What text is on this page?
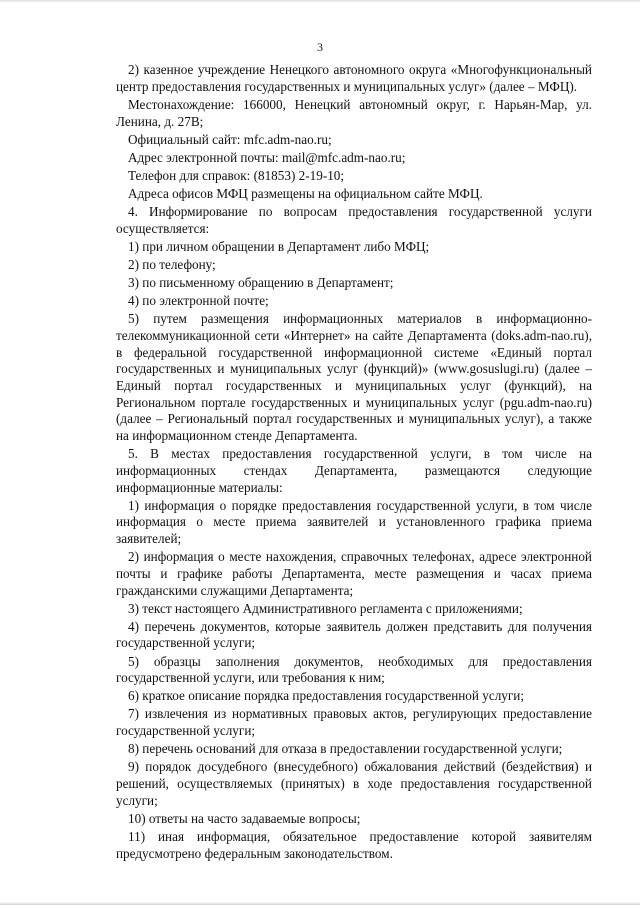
3

2) казенное учреждение Ненецкого автономного округа «Многофункциональный центр предоставления государственных и муниципальных услуг» (далее – МФЦ).

Местонахождение: 166000, Ненецкий автономный округ, г. Нарьян-Мар, ул. Ленина, д. 27В;

Официальный сайт: mfc.adm-nao.ru;

Адрес электронной почты: mail@mfc.adm-nao.ru;

Телефон для справок: (81853) 2-19-10;

Адреса офисов МФЦ размещены на официальном сайте МФЦ.

4. Информирование по вопросам предоставления государственной услуги осуществляется:

1) при личном обращении в Департамент либо МФЦ;

2) по телефону;

3) по письменному обращению в Департамент;

4) по электронной почте;

5) путем размещения информационных материалов в информационно-телекоммуникационной сети «Интернет» на сайте Департамента (doks.adm-nao.ru), в федеральной государственной информационной системе «Единый портал государственных и муниципальных услуг (функций)» (www.gosuslugi.ru) (далее – Единый портал государственных и муниципальных услуг (функций), на Региональном портале государственных и муниципальных услуг (pgu.adm-nao.ru) (далее – Региональный портал государственных и муниципальных услуг), а также на информационном стенде Департамента.

5. В местах предоставления государственной услуги, в том числе на информационных стендах Департамента, размещаются следующие информационные материалы:

1) информация о порядке предоставления государственной услуги, в том числе информация о месте приема заявителей и установленного графика приема заявителей;

2) информация о месте нахождения, справочных телефонах, адресе электронной почты и графике работы Департамента, месте размещения и часах приема гражданскими служащими Департамента;

3) текст настоящего Административного регламента с приложениями;

4) перечень документов, которые заявитель должен представить для получения государственной услуги;

5) образцы заполнения документов, необходимых для предоставления государственной услуги, или требования к ним;

6) краткое описание порядка предоставления государственной услуги;

7) извлечения из нормативных правовых актов, регулирующих предоставление государственной услуги;

8) перечень оснований для отказа в предоставлении государственной услуги;

9) порядок досудебного (внесудебного) обжалования действий (бездействия) и решений, осуществляемых (принятых) в ходе предоставления государственной услуги;

10) ответы на часто задаваемые вопросы;

11) иная информация, обязательное предоставление которой заявителям предусмотрено федеральным законодательством.
